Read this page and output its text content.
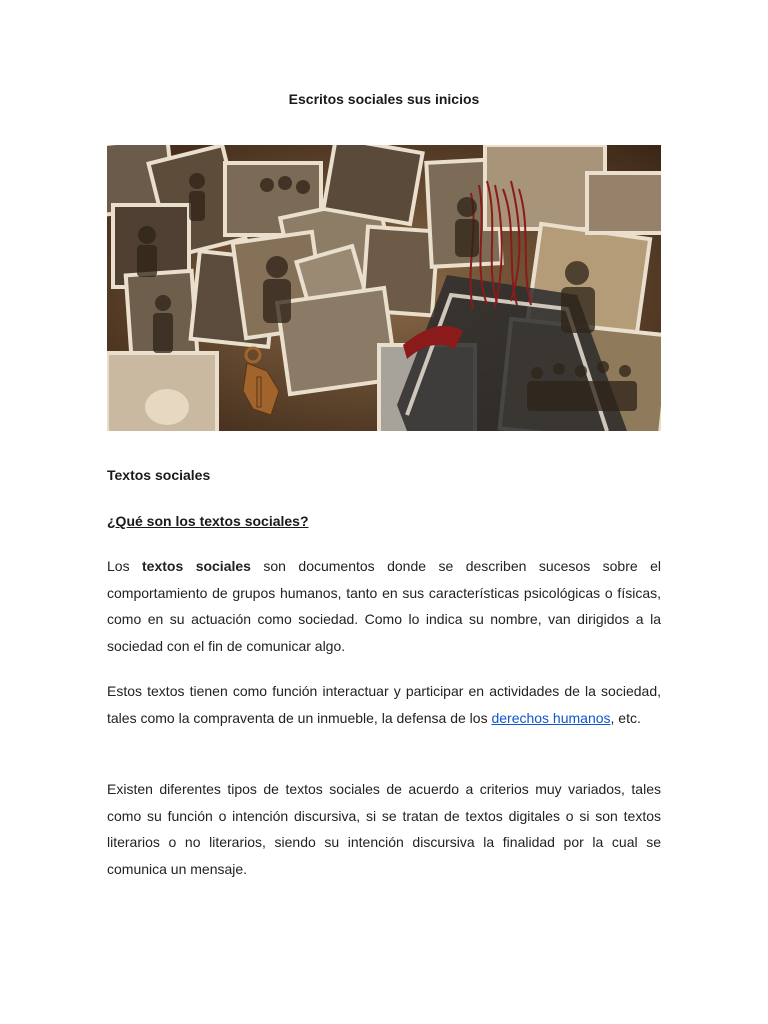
Escritos sociales sus inicios

Textos sociales

¿Qué son los textos sociales?

Los textos sociales son documentos donde se describen sucesos sobre el comportamiento de grupos humanos, tanto en sus características psicológicas o físicas, como en su actuación como sociedad. Como lo indica su nombre, van dirigidos a la sociedad con el fin de comunicar algo.

Estos textos tienen como función interactuar y participar en actividades de la sociedad, tales como la compraventa de un inmueble, la defensa de los derechos humanos, etc.

Existen diferentes tipos de textos sociales de acuerdo a criterios muy variados, tales como su función o intención discursiva, si se tratan de textos digitales o si son textos literarios o no literarios, siendo su intención discursiva la finalidad por la cual se comunica un mensaje.
